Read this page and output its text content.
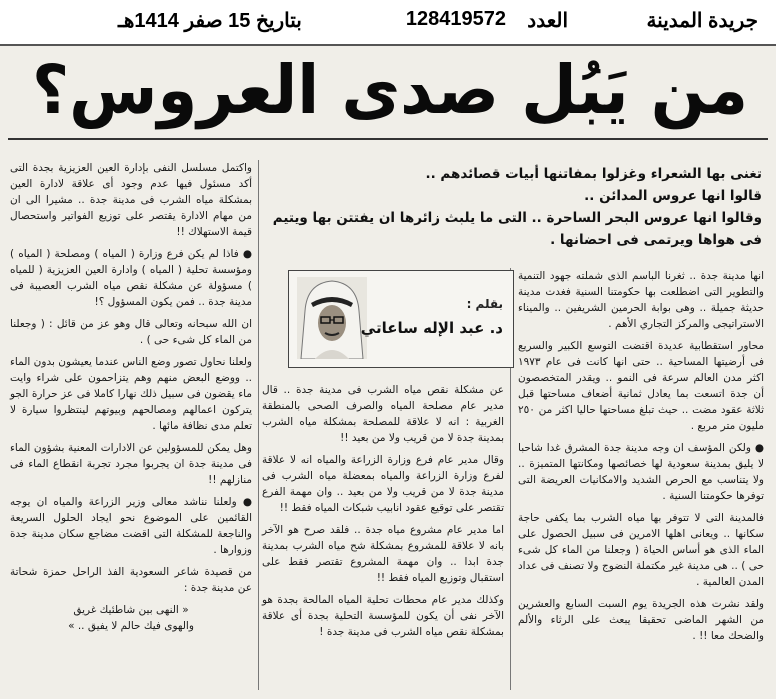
جريدة المدينة
العدد
128419572
بتاريخ 15 صفر 1414هـ
من يَبُل صدى العروس؟
تغنى بها الشعراء وغزلوا بمفاتنها أبيات قصائدهم ..
قالوا انها عروس المدائن ..
وقالوا انها عروس البحر الساحرة .. التى ما يلبث زائرها ان يفتتن بها ويتيم
فى هواها ويرتمى فى احضانها .
بقلم :
د. عبد الإله ساعاتي

انها مدينة جدة .. ثغرنا الباسم الذى شملته جهود التنمية والتطوير التى اضطلعت بها حكومتنا السنية فغدت مدينة حديثة جميلة .. وهى بوابة الحرمين الشريفين .. والميناء الاستراتيجى والمركز التجاري الأهم .

محاور استقطابية عديدة اقتضت التوسع الكبير والسريع فى أرضيتها المساحية .. حتى انها كانت فى عام ١٩٧٣ اكثر مدن العالم سرعة فى النمو .. ويقدر المتخصصون أن جدة اتسعت بما يعادل ثمانية أضعاف مساحتها قبل ثلاثة عقود مضت .. حيث تبلغ مساحتها حاليا اكثر من ٢٥٠ مليون متر مربع .

● ولكن المؤسف ان وجه مدينة جدة المشرق غدا شاحبا لا يليق بمدينة سعودية لها خصائصها ومكانتها المتميزة .. ولا يتناسب مع الحرص الشديد والامكانيات العريضة التى توفرها حكومتنا السنية .

فالمدينة التى لا تتوفر بها مياه الشرب بما يكفى حاجة سكانها .. ويعانى اهلها الامرين فى سبيل الحصول على الماء الذى هو أساس الحياة ( وجعلنا من الماء كل شىء حى ) .. هى مدينة غير مكتملة النضوج ولا تصنف فى عداد المدن العالمية .

ولقد نشرت هذه الجريدة يوم السبت السابع والعشرين من الشهر الماضى تحقيقا يبعث على الرثاء والألم والضحك معا !! .

عن مشكلة نقص مياه الشرب فى مدينة جدة .. قال مدير عام مصلحة المياه والصرف الصحى بالمنطقة الغربية : انه لا علاقة للمصلحة بمشكلة مياه الشرب بمدينة جدة لا من قريب ولا من بعيد !!

وقال مدير عام فرع وزارة الزراعة والمياه انه لا علاقة لفرع وزارة الزراعة والمياه بمعضلة مياه الشرب فى مدينة جدة لا من قريب ولا من بعيد .. وان مهمة الفرع تقتصر على توقيع عقود انابيب شبكات المياه فقط !!

اما مدير عام مشروع مياه جدة .. فلقد صرح هو الآخر بانه لا علاقة للمشروع بمشكلة شح مياه الشرب بمدينة جدة ابدا .. وان مهمة المشروع تقتصر فقط على استقبال وتوزيع المياه فقط !!

وكذلك مدير عام محطات تحلية المياه المالحة بجدة هو الآخر نفى أن يكون للمؤسسة التحلية بجدة أى علاقة بمشكلة نقص مياه الشرب فى مدينة جدة !

واكتمل مسلسل النفى بإدارة العين العزيزية بجدة التى أكد مسئول فيها عدم وجود أى علاقة لادارة العين بمشكلة مياه الشرب فى مدينة جدة .. مشيرا الى ان من مهام الادارة يقتصر على توزيع الفواتير واستحصال قيمة الاستهلاك !!

● فاذا لم يكن فرع وزارة ( المياه ) ومصلحة ( المياه ) ومؤسسة تحلية ( المياه ) وادارة العين العزيزية ( للمياه ) مسؤولة عن مشكلة نقص مياه الشرب العصيبة فى مدينة جدة .. فمن يكون المسؤول ؟!

ان الله سبحانه وتعالى قال وهو عز من قائل : ( وجعلنا من الماء كل شىء حى ) .

ولعلنا نحاول تصور وضع الناس عندما يعيشون بدون الماء .. ووضع البعض منهم وهم يتزاحمون على شراء وايت ماء يقضون فى سبيل ذلك نهارا كاملا فى عز حرارة الجو يتركون اعمالهم ومصالحهم وبيوتهم لينتظروا سيارة لا تعلم مدى نظافة مائها .

وهل يمكن للمسؤولين عن الادارات المعنية بشؤون الماء فى مدينة جدة ان يجربوا مجرد تجربة انقطاع الماء فى منازلهم !!

● ولعلنا نناشد معالى وزير الزراعة والمياه ان يوجه القائمين على الموضوع نحو ايجاد الحلول السريعة والناجعة للمشكلة التى اقضت مضاجع سكان مدينة جدة وزوارها .

من قصيدة شاعر السعودية الفذ الراحل حمزة شحاتة عن مدينة جدة :

« النهى بين شاطئيك غريق

والهوى فيك حالم لا يفيق .. »
